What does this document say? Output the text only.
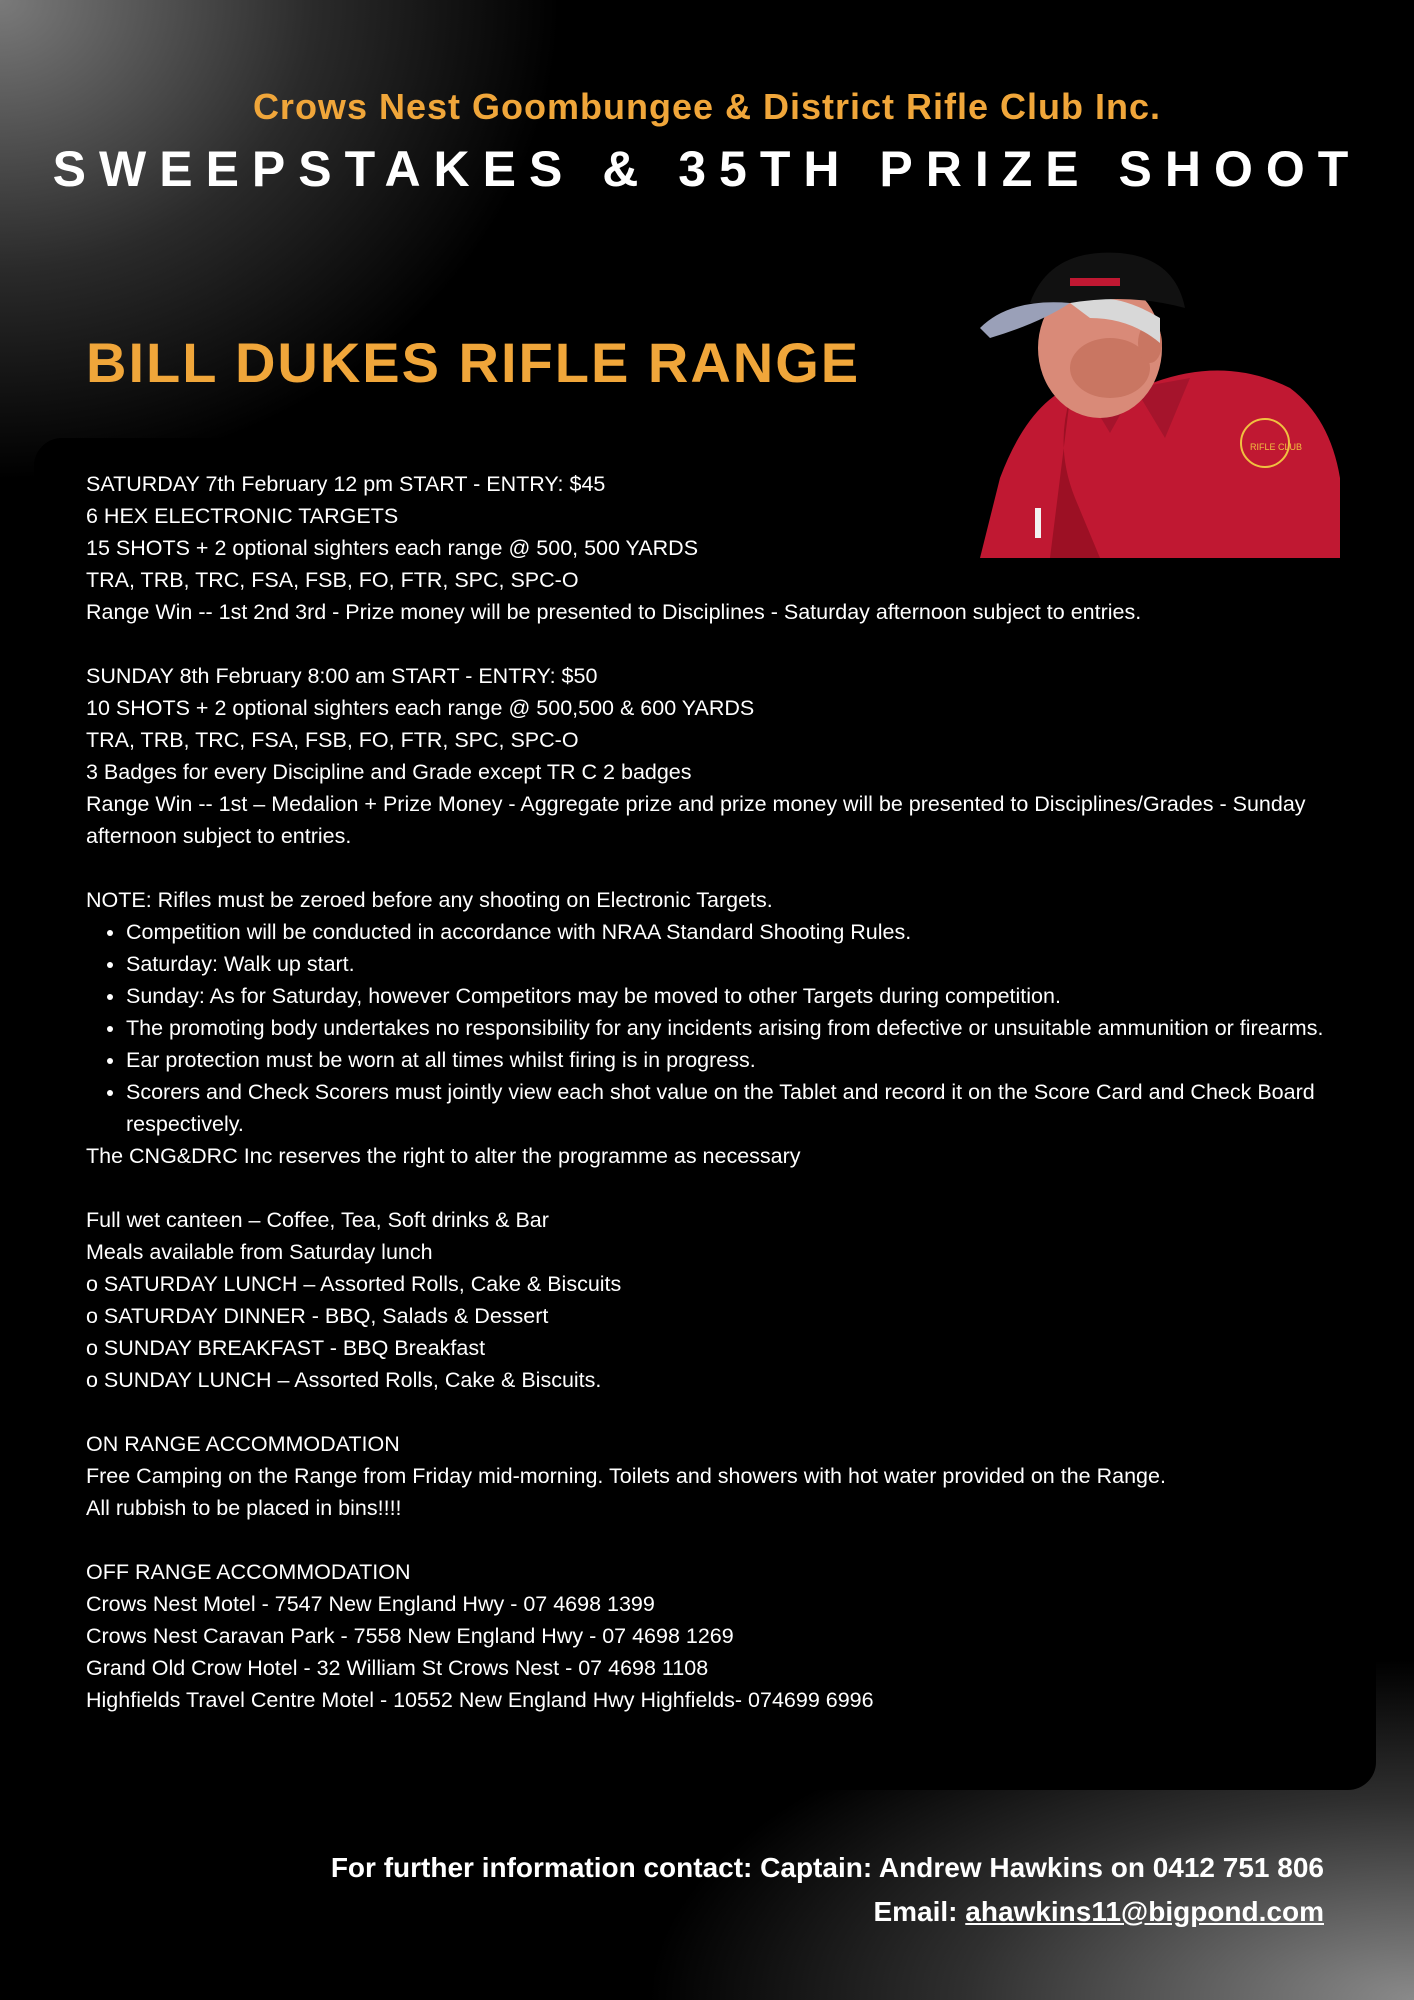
Crows Nest Goombungee & District Rifle Club Inc.
SWEEPSTAKES & 35TH PRIZE SHOOT
BILL DUKES RIFLE RANGE
RIFLE CLUB

SATURDAY 7th February 12 pm START - ENTRY: $45

6 HEX ELECTRONIC TARGETS

15 SHOTS + 2 optional sighters each range @ 500, 500 YARDS

TRA, TRB, TRC, FSA, FSB, FO, FTR, SPC, SPC-O

Range Win -- 1st 2nd 3rd - Prize money will be presented to Disciplines - Saturday afternoon subject to entries.

SUNDAY 8th February 8:00 am START - ENTRY: $50

10 SHOTS + 2 optional sighters each range @ 500,500 & 600 YARDS

TRA, TRB, TRC, FSA, FSB, FO, FTR, SPC, SPC-O

3 Badges for every Discipline and Grade except TR C 2 badges

Range Win -- 1st – Medalion + Prize Money - Aggregate prize and prize money will be presented to Disciplines/Grades - Sunday afternoon subject to entries.

NOTE: Rifles must be zeroed before any shooting on Electronic Targets.

• Competition will be conducted in accordance with NRAA Standard Shooting Rules.
• Saturday: Walk up start.
• Sunday: As for Saturday, however Competitors may be moved to other Targets during competition.
• The promoting body undertakes no responsibility for any incidents arising from defective or unsuitable ammunition or firearms.
• Ear protection must be worn at all times whilst firing is in progress.
• Scorers and Check Scorers must jointly view each shot value on the Tablet and record it on the Score Card and Check Board respectively.

The CNG&DRC Inc reserves the right to alter the programme as necessary

Full wet canteen – Coffee, Tea, Soft drinks & Bar

Meals available from Saturday lunch

o SATURDAY LUNCH – Assorted Rolls, Cake & Biscuits

o SATURDAY DINNER - BBQ, Salads & Dessert

o SUNDAY BREAKFAST - BBQ Breakfast

o SUNDAY LUNCH – Assorted Rolls, Cake & Biscuits.

ON RANGE ACCOMMODATION

Free Camping on the Range from Friday mid-morning. Toilets and showers with hot water provided on the Range.

All rubbish to be placed in bins!!!!

OFF RANGE ACCOMMODATION

Crows Nest Motel - 7547 New England Hwy - 07 4698 1399

Crows Nest Caravan Park - 7558 New England Hwy - 07 4698 1269

Grand Old Crow Hotel - 32 William St Crows Nest - 07 4698 1108

Highfields Travel Centre Motel - 10552 New England Hwy Highfields- 074699 6996

For further information contact: Captain: Andrew Hawkins on 0412 751 806
Email: ahawkins11@bigpond.com
